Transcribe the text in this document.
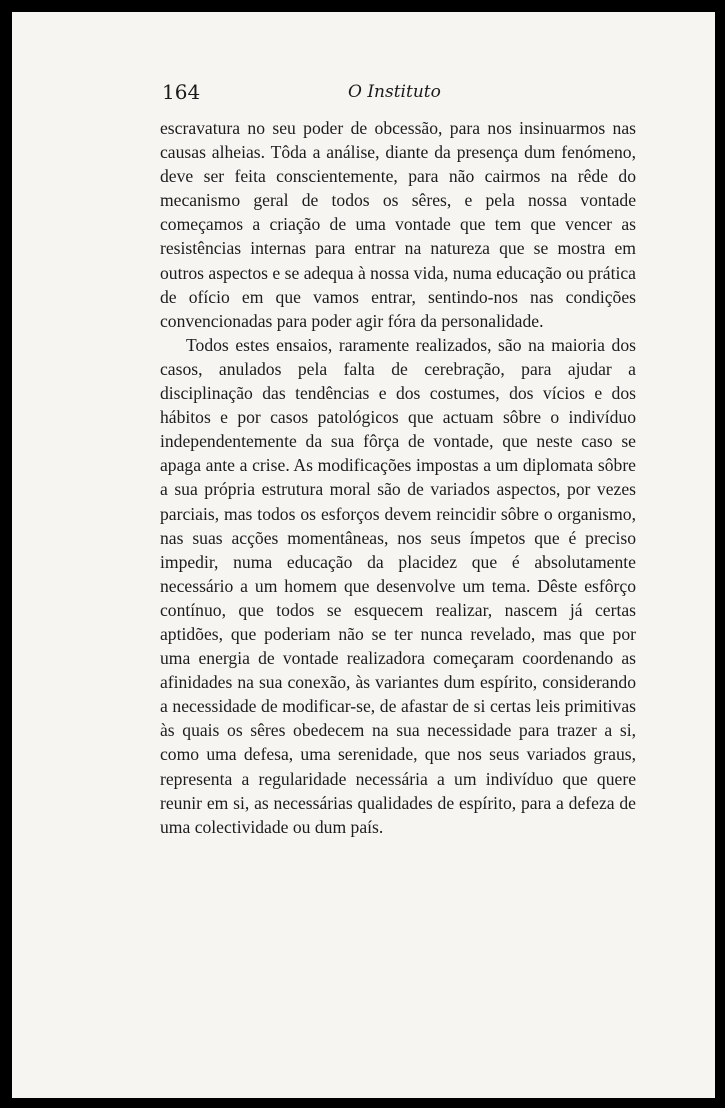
164	O Instituto

escravatura no seu poder de obcessão, para nos insinuarmos nas causas alheias. Tôda a análise, diante da presença dum fenómeno, deve ser feita conscientemente, para não cairmos na rêde do mecanismo geral de todos os sêres, e pela nossa vontade começamos a criação de uma vontade que tem que vencer as resistências internas para entrar na natureza que se mostra em outros aspectos e se adequa à nossa vida, numa educação ou prática de ofício em que vamos entrar, sentindo-nos nas condições convencionadas para poder agir fóra da personalidade.

Todos estes ensaios, raramente realizados, são na maioria dos casos, anulados pela falta de cerebração, para ajudar a disciplinação das tendências e dos costumes, dos vícios e dos hábitos e por casos patológicos que actuam sôbre o indivíduo independentemente da sua fôrça de vontade, que neste caso se apaga ante a crise. As modificações impostas a um diplomata sôbre a sua própria estrutura moral são de variados aspectos, por vezes parciais, mas todos os esforços devem reincidir sôbre o organismo, nas suas acções momentâneas, nos seus ímpetos que é preciso impedir, numa educação da placidez que é absolutamente necessário a um homem que desenvolve um tema. Dêste esfôrço contínuo, que todos se esquecem realizar, nascem já certas aptidões, que poderiam não se ter nunca revelado, mas que por uma energia de vontade realizadora começaram coordenando as afinidades na sua conexão, às variantes dum espírito, considerando a necessidade de modificar-se, de afastar de si certas leis primitivas às quais os sêres obedecem na sua necessidade para trazer a si, como uma defesa, uma serenidade, que nos seus variados graus, representa a regularidade necessária a um indivíduo que quere reunir em si, as necessárias qualidades de espírito, para a defeza de uma colectividade ou dum país.
